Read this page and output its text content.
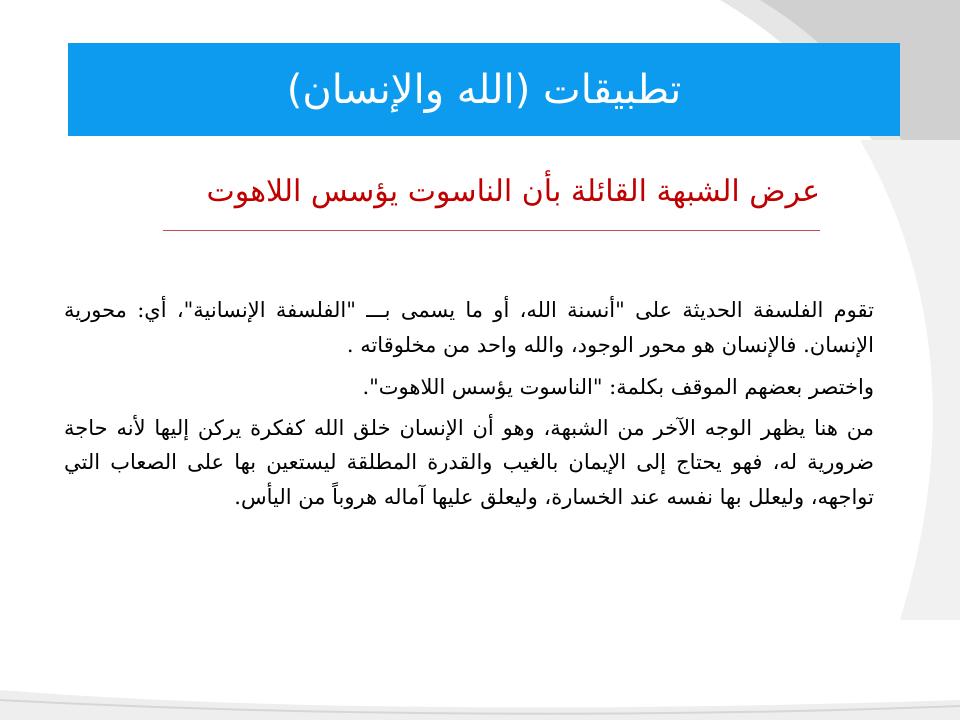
تطبيقات (الله والإنسان)
عرض الشبهة القائلة بأن الناسوت يؤسس اللاهوت

تقوم الفلسفة الحديثة على "أنسنة الله، أو ما يسمى بـــ "الفلسفة الإنسانية"، أي: محورية الإنسان. فالإنسان هو محور الوجود، والله واحد من مخلوقاته .

واختصر بعضهم الموقف بكلمة: "الناسوت يؤسس اللاهوت".

من هنا يظهر الوجه الآخر من الشبهة، وهو أن الإنسان خلق الله كفكرة يركن إليها لأنه حاجة ضرورية له، فهو يحتاج إلى الإيمان بالغيب والقدرة المطلقة ليستعين بها على الصعاب التي تواجهه، وليعلل بها نفسه عند الخسارة، وليعلق عليها آماله هروباً من اليأس.
